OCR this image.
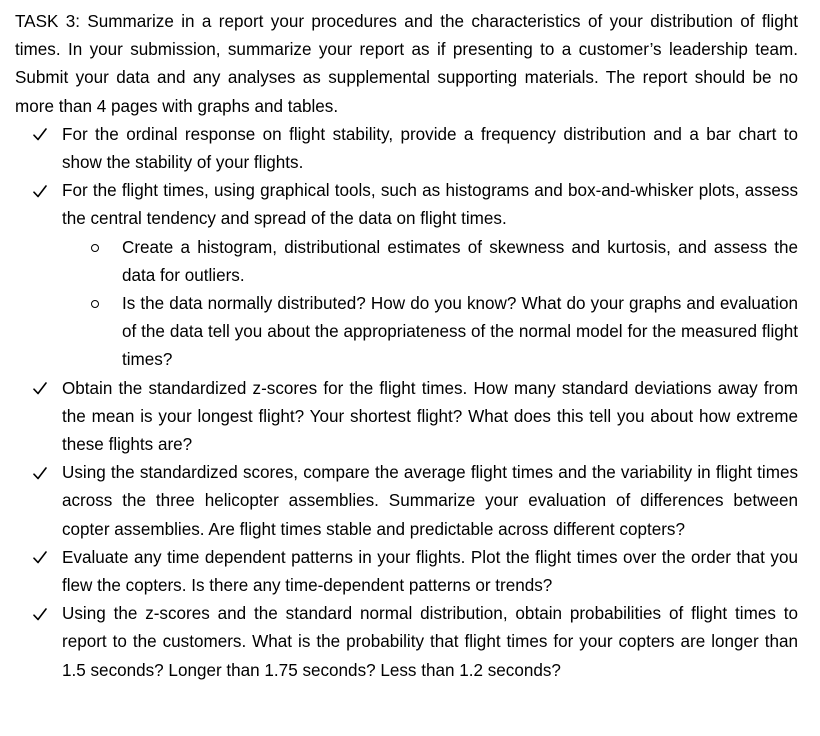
TASK 3: Summarize in a report your procedures and the characteristics of your distribution of flight times. In your submission, summarize your report as if presenting to a customer’s leadership team. Submit your data and any analyses as supplemental supporting materials. The report should be no more than 4 pages with graphs and tables.

For the ordinal response on flight stability, provide a frequency distribution and a bar chart to show the stability of your flights.
For the flight times, using graphical tools, such as histograms and box-and-whisker plots, assess the central tendency and spread of the data on flight times.
Create a histogram, distributional estimates of skewness and kurtosis, and assess the data for outliers.
Is the data normally distributed? How do you know? What do your graphs and evaluation of the data tell you about the appropriateness of the normal model for the measured flight times?
Obtain the standardized z-scores for the flight times. How many standard deviations away from the mean is your longest flight? Your shortest flight? What does this tell you about how extreme these flights are?
Using the standardized scores, compare the average flight times and the variability in flight times across the three helicopter assemblies. Summarize your evaluation of differences between copter assemblies. Are flight times stable and predictable across different copters?
Evaluate any time dependent patterns in your flights. Plot the flight times over the order that you flew the copters. Is there any time-dependent patterns or trends?
Using the z-scores and the standard normal distribution, obtain probabilities of flight times to report to the customers. What is the probability that flight times for your copters are longer than 1.5 seconds? Longer than 1.75 seconds? Less than 1.2 seconds?
